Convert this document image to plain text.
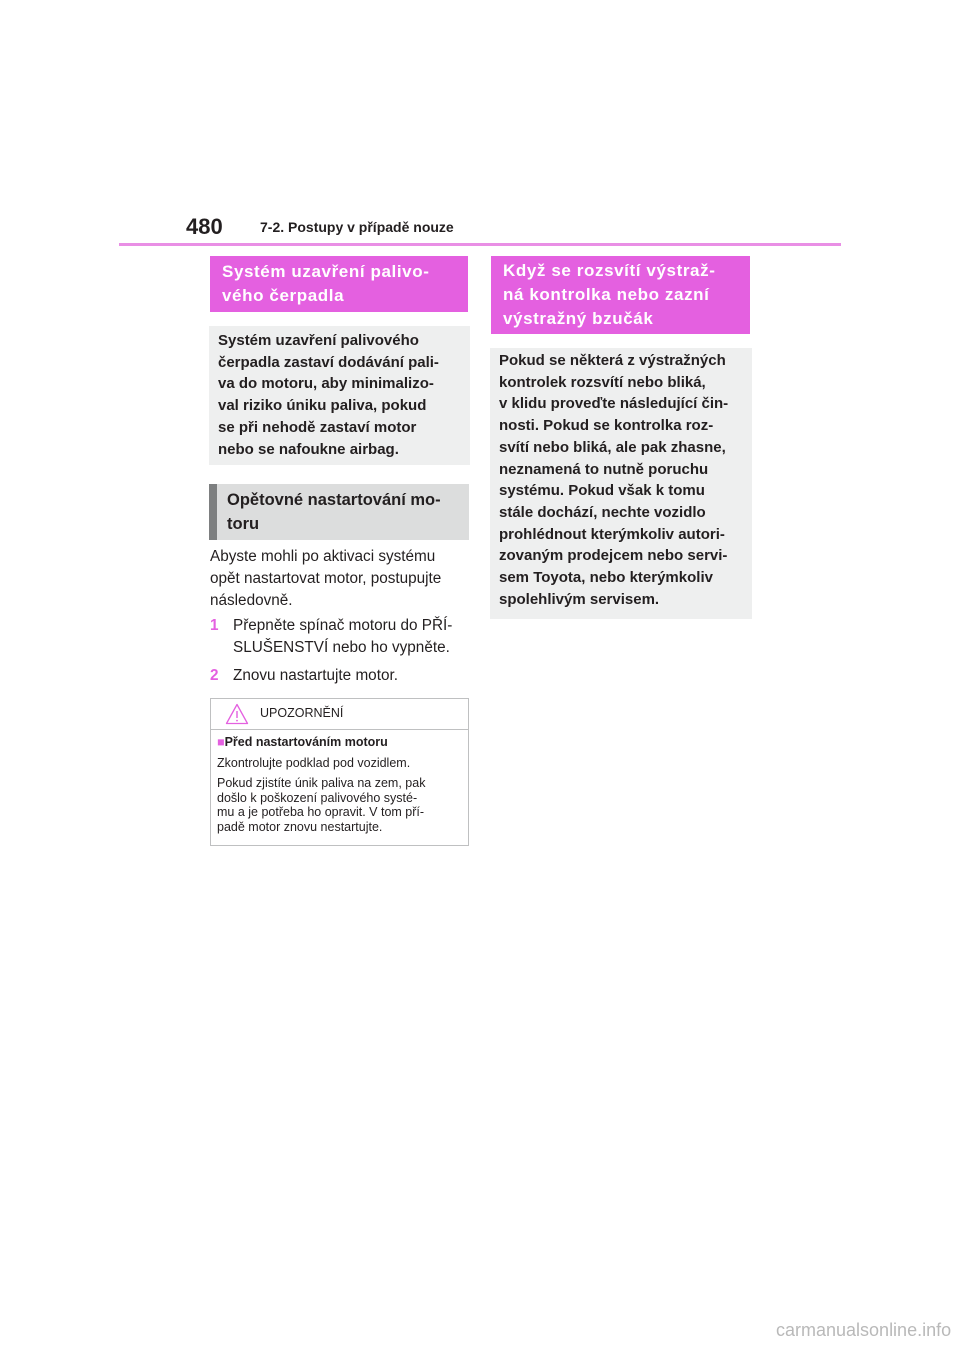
480	7-2. Postupy v případě nouze
Systém uzavření palivo-
vého čerpadla
Systém uzavření palivového
čerpadla zastaví dodávání pali-
va do motoru, aby minimalizo-
val riziko úniku paliva, pokud
se při nehodě zastaví motor
nebo se nafoukne airbag.
Opětovné nastartování mo-
toru
Abyste mohli po aktivaci systému
opět nastartovat motor, postupujte
následovně.
1 Přepněte spínač motoru do PŘÍ-
SLUŠENSTVÍ nebo ho vypněte.
2 Znovu nastartujte motor.
UPOZORNĚNÍ
■Před nastartováním motoru

Zkontrolujte podklad pod vozidlem.

Pokud zjistíte únik paliva na zem, pak
došlo k poškození palivového systé-
mu a je potřeba ho opravit. V tom pří-
padě motor znovu nestartujte.

Když se rozsvítí výstraž-
ná kontrolka nebo zazní
výstražný bzučák
Pokud se některá z výstražných
kontrolek rozsvítí nebo bliká,
v klidu proveďte následující čin-
nosti. Pokud se kontrolka roz-
svítí nebo bliká, ale pak zhasne,
neznamená to nutně poruchu
systému. Pokud však k tomu
stále dochází, nechte vozidlo
prohlédnout kterýmkoliv autori-
zovaným prodejcem nebo servi-
sem Toyota, nebo kterýmkoliv
spolehlivým servisem.
carmanualsonline.info
